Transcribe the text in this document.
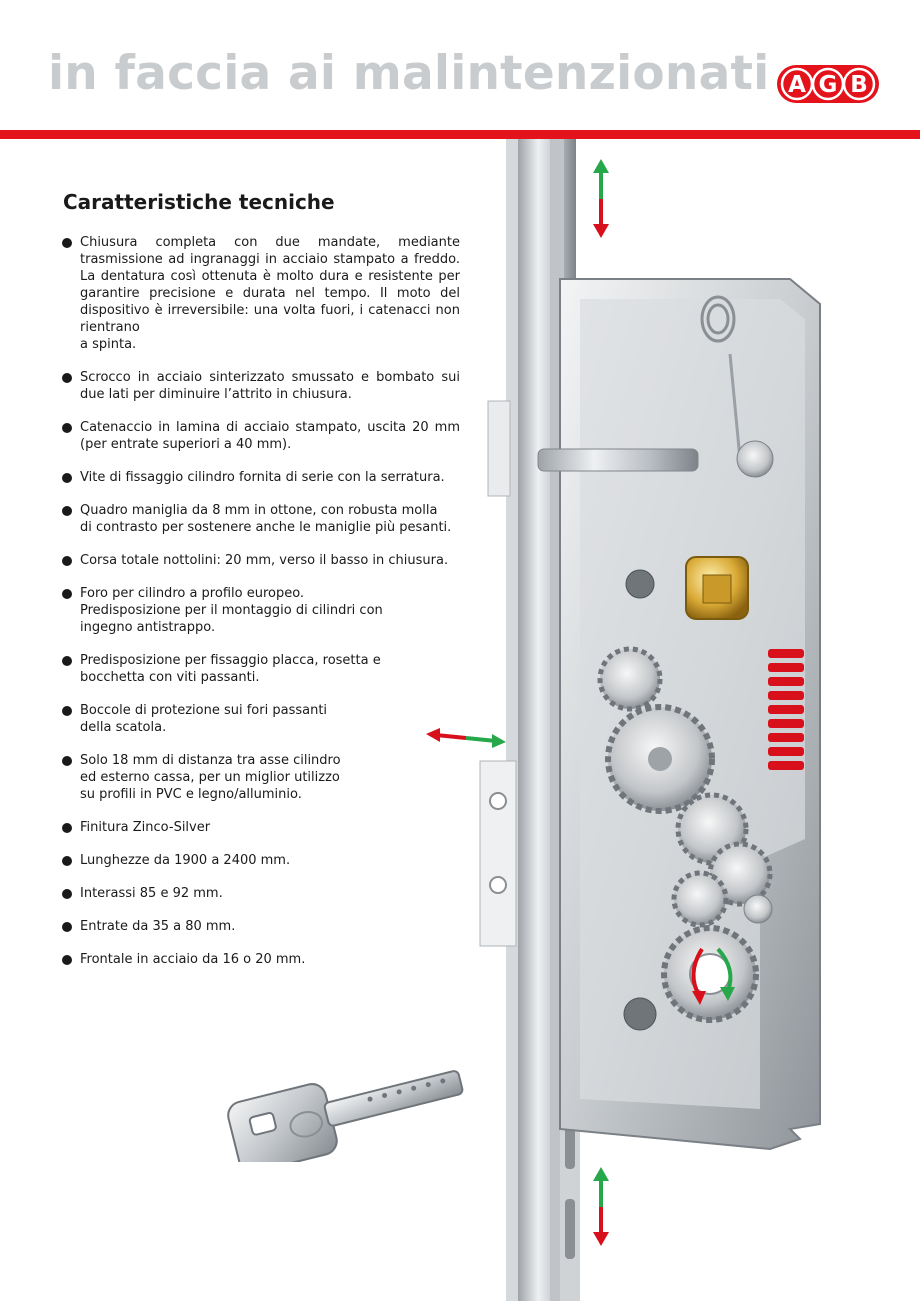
in faccia ai malintenzionati A G B
Caratteristiche tecniche
Chiusura completa con due mandate, mediante trasmissione ad ingranaggi in acciaio stampato a freddo. La dentatura così ottenuta è molto dura e resistente per garantire precisione e durata nel tempo. Il moto del dispositivo è irreversibile: una volta fuori, i catenacci non rientrano
a spinta.
Scrocco in acciaio sinterizzato smussato e bombato sui due lati per diminuire l’attrito in chiusura.
Catenaccio in lamina di acciaio stampato, uscita 20 mm (per entrate superiori a 40 mm).
Vite di fissaggio cilindro fornita di serie con la serratura.
Quadro maniglia da 8 mm in ottone, con robusta molla
di contrasto per sostenere anche le maniglie più pesanti.
Corsa totale nottolini: 20 mm, verso il basso in chiusura.
Foro per cilindro a profilo europeo.
Predisposizione per il montaggio di cilindri con
ingegno antistrappo.
Predisposizione per fissaggio placca, rosetta e
bocchetta con viti passanti.
Boccole di protezione sui fori passanti
della scatola.
Solo 18 mm di distanza tra asse cilindro
ed esterno cassa, per un miglior utilizzo
su profili in PVC e legno/alluminio.
Finitura Zinco-Silver
Lunghezze da 1900 a 2400 mm.
Interassi 85 e 92 mm.
Entrate da 35 a 80 mm.
Frontale in acciaio da 16 o 20 mm.
